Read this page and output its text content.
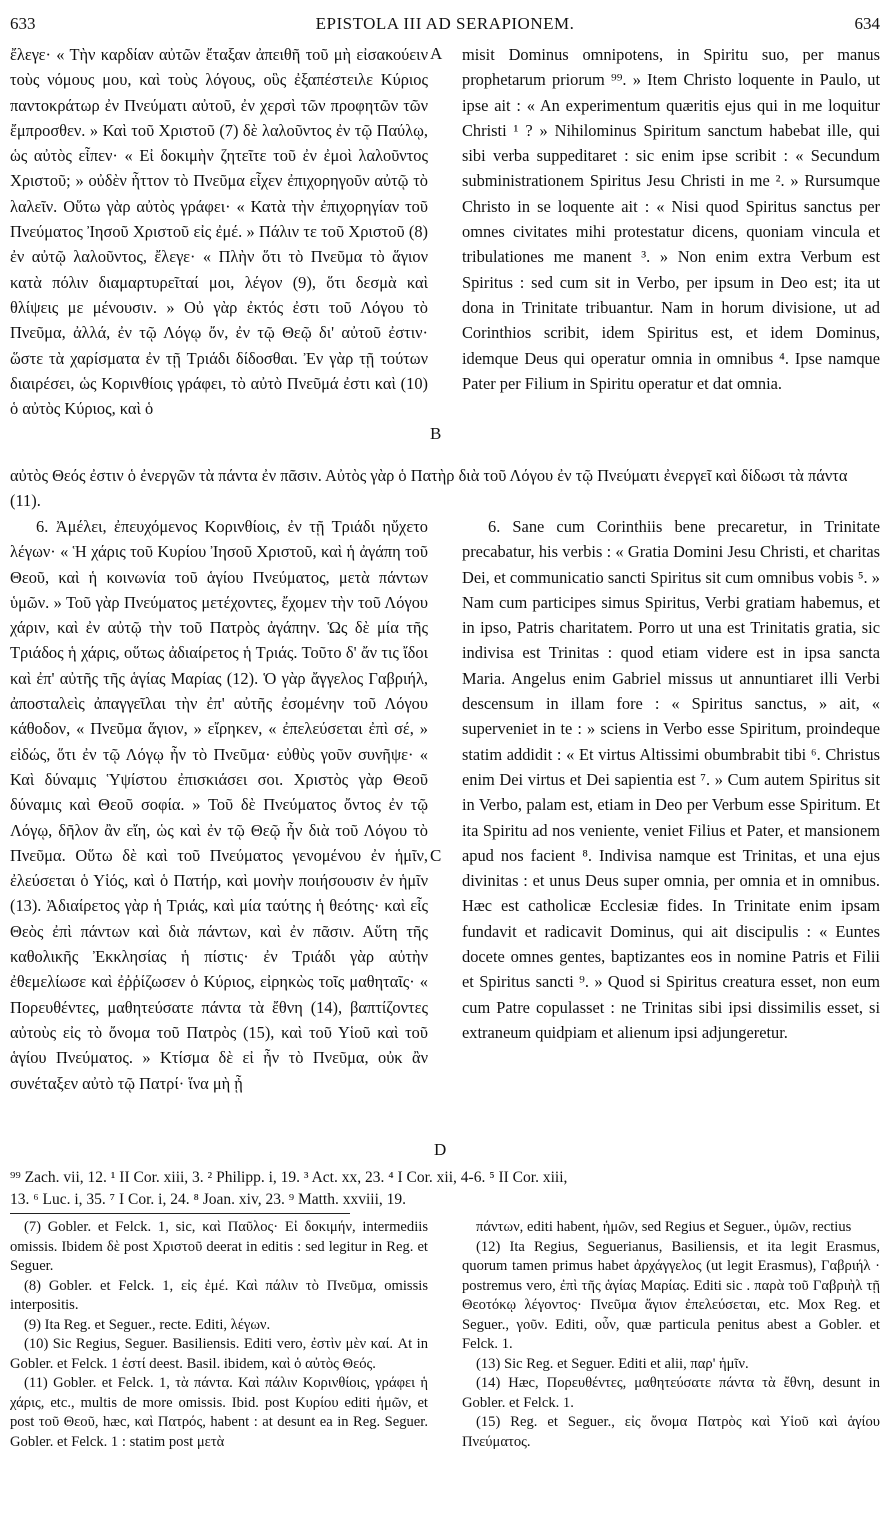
633	EPISTOLA III AD SERAPIONEM.	634

ἔλεγε· « Τὴν καρδίαν αὐτῶν ἔταξαν ἀπειθῆ τοῦ μὴ εἰσακούειν τοὺς νόμους μου, καὶ τοὺς λόγους, οὓς ἐξαπέστειλε Κύριος παντοκράτωρ ἐν Πνεύματι αὐτοῦ, ἐν χερσὶ τῶν προφητῶν τῶν ἔμπροσθεν. » Καὶ τοῦ Χριστοῦ (7) δὲ λαλοῦντος ἐν τῷ Παύλῳ, ὡς αὐτὸς εἶπεν· « Εἰ δοκιμὴν ζητεῖτε τοῦ ἐν ἐμοὶ λαλοῦντος Χριστοῦ; » οὐδὲν ἧττον τὸ Πνεῦμα εἶχεν ἐπιχορηγοῦν αὐτῷ τὸ λαλεῖν. Οὕτω γὰρ αὐτὸς γράφει· « Κατὰ τὴν ἐπιχορηγίαν τοῦ Πνεύματος Ἰησοῦ Χριστοῦ εἰς ἐμέ. » Πάλιν τε τοῦ Χριστοῦ (8) ἐν αὐτῷ λαλοῦντος, ἔλεγε· « Πλὴν ὅτι τὸ Πνεῦμα τὸ ἅγιον κατὰ πόλιν διαμαρτυρεῖταί μοι, λέγον (9), ὅτι δεσμὰ καὶ θλίψεις με μένουσιν. » Οὐ γὰρ ἐκτός ἐστι τοῦ Λόγου τὸ Πνεῦμα, ἀλλά, ἐν τῷ Λόγῳ ὄν, ἐν τῷ Θεῷ δι' αὐτοῦ ἐστιν· ὥστε τὰ χαρίσματα ἐν τῇ Τριάδι δίδοσθαι. Ἐν γὰρ τῇ τούτων διαιρέσει, ὡς Κορινθίοις γράφει, τὸ αὐτὸ Πνεῦμά ἐστι καὶ (10) ὁ αὐτὸς Κύριος, καὶ ὁ

misit Dominus omnipotens, in Spiritu suo, per manus prophetarum priorum ⁹⁹. » Item Christo loquente in Paulo, ut ipse ait : « An experimentum quæritis ejus qui in me loquitur Christi ¹ ? » Nihilominus Spiritum sanctum habebat ille, qui sibi verba suppeditaret : sic enim ipse scribit : « Secundum subministrationem Spiritus Jesu Christi in me ². » Rursumque Christo in se loquente ait : « Nisi quod Spiritus sanctus per omnes civitates mihi protestatur dicens, quoniam vincula et tribulationes me manent ³. » Non enim extra Verbum est Spiritus : sed cum sit in Verbo, per ipsum in Deo est; ita ut dona in Trinitate tribuantur. Nam in horum divisione, ut ad Corinthios scribit, idem Spiritus est, et idem Dominus, idemque Deus qui operatur omnia in omnibus ⁴. Ipse namque Pater per Filium in Spiritu operatur et dat omnia.

A
B
C
D
αὐτὸς Θεός ἐστιν ὁ ἐνεργῶν τὰ πάντα ἐν πᾶσιν. Αὐτὸς γὰρ ὁ Πατὴρ διὰ τοῦ Λόγου ἐν τῷ Πνεύματι ἐνεργεῖ καὶ δίδωσι τὰ πάντα (11).

6. Ἀμέλει, ἐπευχόμενος Κορινθίοις, ἐν τῇ Τριάδι ηὔχετο λέγων· « Ἡ χάρις τοῦ Κυρίου Ἰησοῦ Χριστοῦ, καὶ ἡ ἀγάπη τοῦ Θεοῦ, καὶ ἡ κοινωνία τοῦ ἁγίου Πνεύματος, μετὰ πάντων ὑμῶν. » Τοῦ γὰρ Πνεύματος μετέχοντες, ἔχομεν τὴν τοῦ Λόγου χάριν, καὶ ἐν αὐτῷ τὴν τοῦ Πατρὸς ἀγάπην. Ὡς δὲ μία τῆς Τριάδος ἡ χάρις, οὕτως ἀδιαίρετος ἡ Τριάς. Τοῦτο δ' ἄν τις ἴδοι καὶ ἐπ' αὐτῆς τῆς ἁγίας Μαρίας (12). Ὁ γὰρ ἄγγελος Γαβριήλ, ἀποσταλεὶς ἀπαγγεῖλαι τὴν ἐπ' αὐτῆς ἐσομένην τοῦ Λόγου κάθοδον, « Πνεῦμα ἅγιον, » εἴρηκεν, « ἐπελεύσεται ἐπὶ σέ, » εἰδώς, ὅτι ἐν τῷ Λόγῳ ἦν τὸ Πνεῦμα· εὐθὺς γοῦν συνῆψε· « Καὶ δύναμις Ὑψίστου ἐπισκιάσει σοι. Χριστὸς γὰρ Θεοῦ δύναμις καὶ Θεοῦ σοφία. » Τοῦ δὲ Πνεύματος ὄντος ἐν τῷ Λόγῳ, δῆλον ἂν εἴη, ὡς καὶ ἐν τῷ Θεῷ ἦν διὰ τοῦ Λόγου τὸ Πνεῦμα. Οὕτω δὲ καὶ τοῦ Πνεύματος γενομένου ἐν ἡμῖν, ἐλεύσεται ὁ Υἱός, καὶ ὁ Πατήρ, καὶ μονὴν ποιήσουσιν ἐν ἡμῖν (13). Ἀδιαίρετος γὰρ ἡ Τριάς, καὶ μία ταύτης ἡ θεότης· καὶ εἷς Θεὸς ἐπὶ πάντων καὶ διὰ πάντων, καὶ ἐν πᾶσιν. Αὕτη τῆς καθολικῆς Ἐκκλησίας ἡ πίστις· ἐν Τριάδι γὰρ αὐτὴν ἐθεμελίωσε καὶ ἐῤῥίζωσεν ὁ Κύριος, εἰρηκὼς τοῖς μαθηταῖς· « Πορευθέντες, μαθητεύσατε πάντα τὰ ἔθνη (14), βαπτίζοντες αὐτοὺς εἰς τὸ ὄνομα τοῦ Πατρὸς (15), καὶ τοῦ Υἱοῦ καὶ τοῦ ἁγίου Πνεύματος. » Κτίσμα δὲ εἰ ἦν τὸ Πνεῦμα, οὐκ ἂν συνέταξεν αὐτὸ τῷ Πατρί· ἵνα μὴ ᾖ

6. Sane cum Corinthiis bene precaretur, in Trinitate precabatur, his verbis : « Gratia Domini Jesu Christi, et charitas Dei, et communicatio sancti Spiritus sit cum omnibus vobis ⁵. » Nam cum participes simus Spiritus, Verbi gratiam habemus, et in ipso, Patris charitatem. Porro ut una est Trinitatis gratia, sic indivisa est Trinitas : quod etiam videre est in ipsa sancta Maria. Angelus enim Gabriel missus ut annuntiaret illi Verbi descensum in illam fore : « Spiritus sanctus, » ait, « superveniet in te : » sciens in Verbo esse Spiritum, proindeque statim addidit : « Et virtus Altissimi obumbrabit tibi ⁶. Christus enim Dei virtus et Dei sapientia est ⁷. » Cum autem Spiritus sit in Verbo, palam est, etiam in Deo per Verbum esse Spiritum. Et ita Spiritu ad nos veniente, veniet Filius et Pater, et mansionem apud nos facient ⁸. Indivisa namque est Trinitas, et una ejus divinitas : et unus Deus super omnia, per omnia et in omnibus. Hæc est catholicæ Ecclesiæ fides. In Trinitate enim ipsam fundavit et radicavit Dominus, qui ait discipulis : « Euntes docete omnes gentes, baptizantes eos in nomine Patris et Filii et Spiritus sancti ⁹. » Quod si Spiritus creatura esset, non eum cum Patre copulasset : ne Trinitas sibi ipsi dissimilis esset, si extraneum quidpiam et alienum ipsi adjungeretur.

⁹⁹ Zach. vii, 12. ¹ II Cor. xiii, 3. ² Philipp. i, 19. ³ Act. xx, 23. ⁴ I Cor. xii, 4-6. ⁵ II Cor. xiii,
13. ⁶ Luc. i, 35. ⁷ I Cor. i, 24. ⁸ Joan. xiv, 23. ⁹ Matth. xxviii, 19.

(7) Gobler. et Felck. 1, sic, καὶ Παῦλος· Εἰ δοκιμήν, intermediis omissis. Ibidem δὲ post Χριστοῦ deerat in editis : sed legitur in Reg. et Seguer.

(8) Gobler. et Felck. 1, εἰς ἐμέ. Καὶ πάλιν τὸ Πνεῦμα, omissis interpositis.

(9) Ita Reg. et Seguer., recte. Editi, λέγων.

(10) Sic Regius, Seguer. Basiliensis. Editi vero, ἐστὶν μὲν καί. At in Gobler. et Felck. 1 ἐστί deest. Basil. ibidem, καὶ ὁ αὐτὸς Θεός.

(11) Gobler. et Felck. 1, τὰ πάντα. Καὶ πάλιν Κορινθίοις, γράφει ἡ χάρις, etc., multis de more omissis. Ibid. post Κυρίου editi ἡμῶν, et post τοῦ Θεοῦ, hæc, καὶ Πατρός, habent : at desunt ea in Reg. Seguer. Gobler. et Felck. 1 : statim post μετὰ

πάντων, editi habent, ἡμῶν, sed Regius et Seguer., ὑμῶν, rectius

(12) Ita Regius, Seguerianus, Basiliensis, et ita legit Erasmus, quorum tamen primus habet ἀρχάγγελος (ut legit Erasmus), Γαβριήλ · postremus vero, ἐπὶ τῆς ἁγίας Μαρίας. Editi sic . παρὰ τοῦ Γαβριὴλ τῇ Θεοτόκῳ λέγοντος· Πνεῦμα ἅγιον ἐπελεύσεται, etc. Mox Reg. et Seguer., γοῦν. Editi, οὖν, quæ particula penitus abest a Gobler. et Felck. 1.

(13) Sic Reg. et Seguer. Editi et alii, παρ' ἡμῖν.

(14) Hæc, Πορευθέντες, μαθητεύσατε πάντα τὰ ἔθνη, desunt in Gobler. et Felck. 1.

(15) Reg. et Seguer., εἰς ὄνομα Πατρὸς καὶ Υἱοῦ καὶ ἁγίου Πνεύματος.
